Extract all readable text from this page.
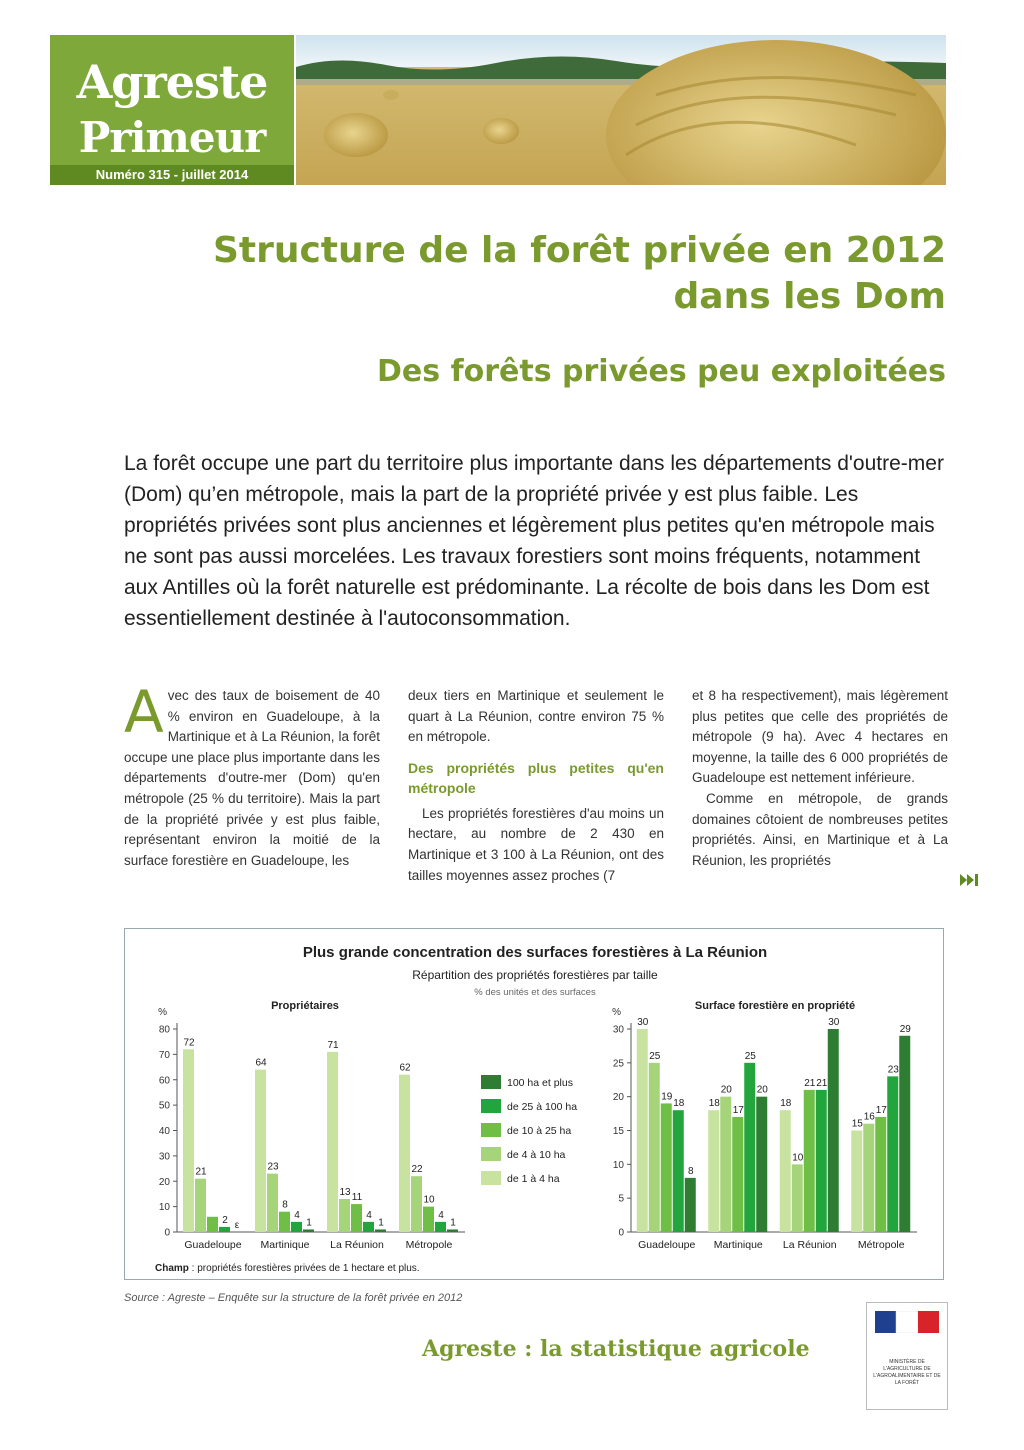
Agreste
Primeur
Numéro 315 - juillet 2014
Structure de la forêt privée en 2012
dans les Dom
Des forêts privées peu exploitées
La forêt occupe une part du territoire plus importante dans les départements d'outre-mer (Dom) qu’en métropole, mais la part de la propriété privée y est plus faible. Les propriétés privées sont plus anciennes et légèrement plus petites qu'en métropole mais ne sont pas aussi morcelées. Les travaux forestiers sont moins fréquents, notamment aux Antilles où la forêt naturelle est prédominante. La récolte de bois dans les Dom est essentiellement destinée à l'autoconsommation.

Avec des taux de boisement de 40 % environ en Guadeloupe, à la Martinique et à La Réunion, la forêt occupe une place plus importante dans les départements d'outre-mer (Dom) qu'en métropole (25 % du territoire). Mais la part de la propriété privée y est plus faible, représentant environ la moitié de la surface forestière en Guadeloupe, les

deux tiers en Martinique et seulement le quart à La Réunion, contre environ 75 % en métropole.

Des propriétés plus petites qu'en métropole

Les propriétés forestières d'au moins un hectare, au nombre de 2 430 en Martinique et 3 100 à La Réunion, ont des tailles moyennes assez proches (7

et 8 ha respectivement), mais légèrement plus petites que celle des propriétés de métropole (9 ha). Avec 4 hectares en moyenne, la taille des 6 000 propriétés de Guadeloupe est nettement inférieure.

Comme en métropole, de grands domaines côtoient de nombreuses petites propriétés. Ainsi, en Martinique et à La Réunion, les propriétés

Plus grande concentration des surfaces forestières à La Réunion
Répartition des propriétés forestières par taille
% des unités et des surfaces
Propriétaires
%
0
10
20
30
40
50
60
70
80
72
21
2 ε
Guadeloupe
64
23
8
4
1
Martinique
71
13 11
4
1
La Réunion
62
22
10
4
1
Métropole
Surface forestière en propriété
%
0
5
10
15
20
25
30
30
25
19
18
8
Guadeloupe
18
20
17
25
20
Martinique
18
10
21 21
30
La Réunion
15
16
17
23
29
Métropole
100 ha et plus
de 25 à 100 ha
de 10 à 25 ha
de 4 à 10 ha
de 1 à 4 ha
Champ : propriétés forestières privées de 1 hectare et plus.
Source : Agreste – Enquête sur la structure de la forêt privée en 2012
Agreste : la statistique agricole	MINISTÈRE DE L'AGRICULTURE DE L'AGROALIMENTAIRE ET DE LA FORÊT
